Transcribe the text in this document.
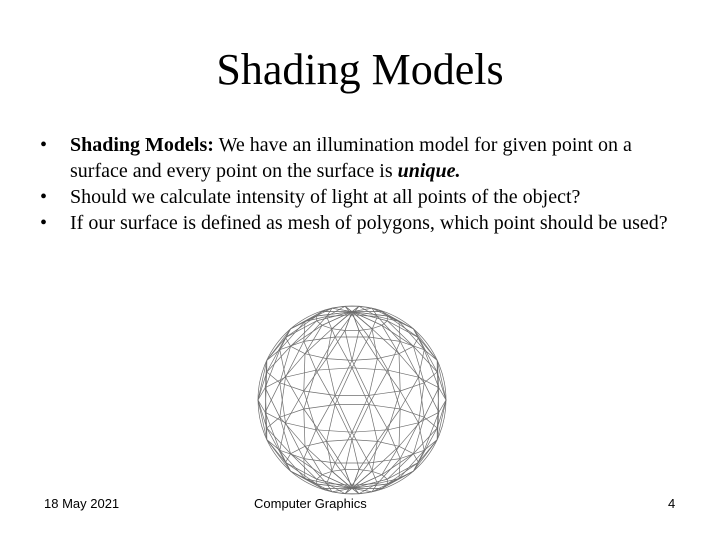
Shading Models
•	Shading Models: We have an illumination model for given point on a surface and every point on the surface is unique.
•	Should we calculate intensity of light at all points of the object?
•	If our surface is defined as mesh of polygons, which point should be used?
18 May 2021	Computer Graphics	4
